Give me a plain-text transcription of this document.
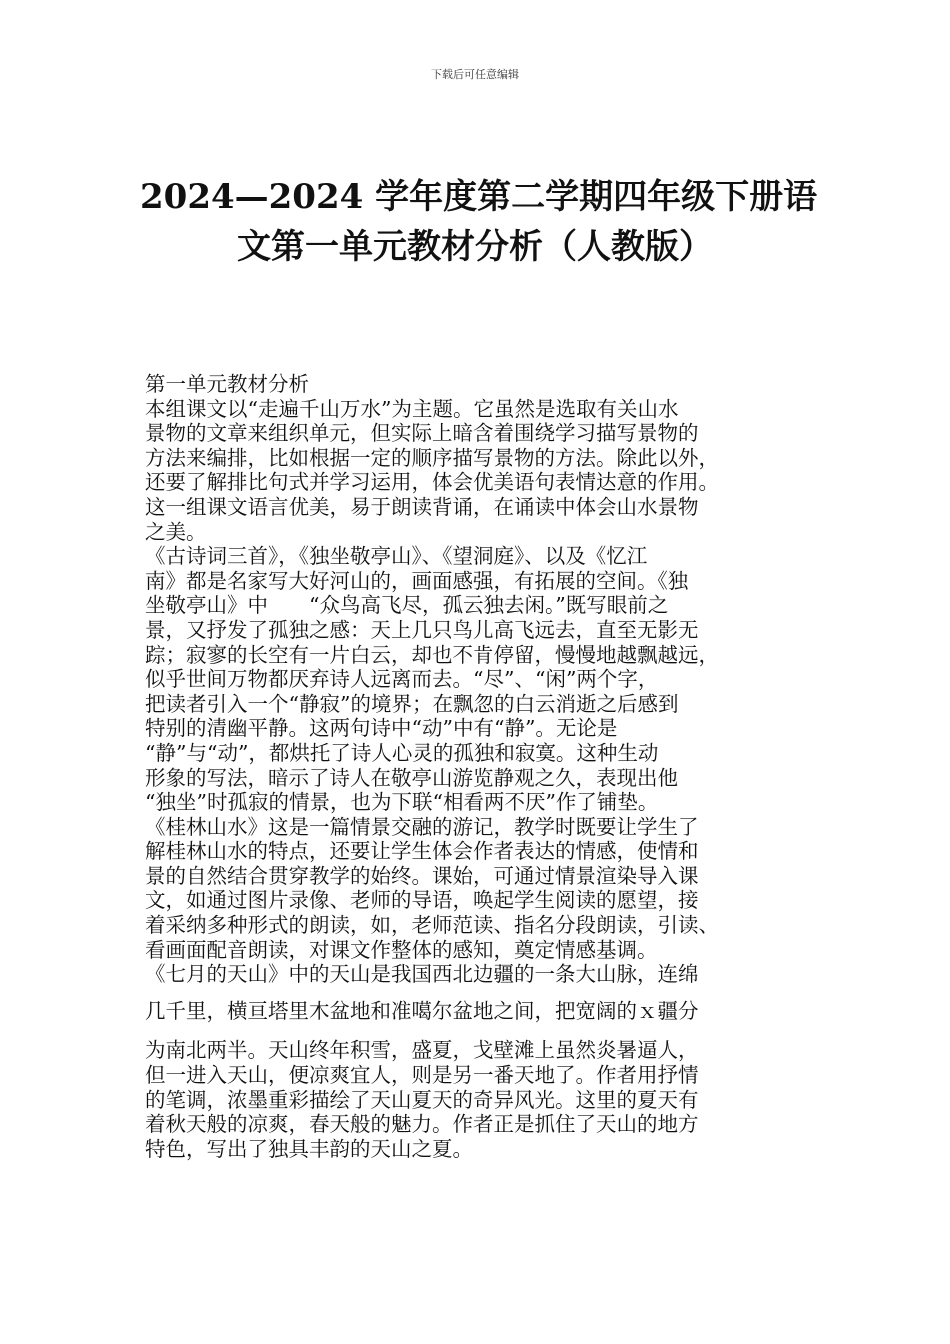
下载后可任意编辑
2024—2024 学年度第二学期四年级下册语
文第一单元教材分析（人教版）
第一单元教材分析
本组课文以“走遍千山万水”为主题。它虽然是选取有关山水
景物的文章来组织单元，但实际上暗含着围绕学习描写景物的
方法来编排，比如根据一定的顺序描写景物的方法。除此以外，
还要了解排比句式并学习运用，体会优美语句表情达意的作用。
这一组课文语言优美，易于朗读背诵，在诵读中体会山水景物
之美。
《古诗词三首》，《独坐敬亭山》、《望洞庭》、以及《忆江
南》都是名家写大好河山的，画面感强，有拓展的空间。《独
坐敬亭山》中　　“众鸟高飞尽，孤云独去闲。”既写眼前之
景，又抒发了孤独之感：天上几只鸟儿高飞远去，直至无影无
踪；寂寥的长空有一片白云，却也不肯停留，慢慢地越飘越远，
似乎世间万物都厌弃诗人远离而去。“尽”、“闲”两个字，
把读者引入一个“静寂”的境界；在飘忽的白云消逝之后感到
特别的清幽平静。这两句诗中“动”中有“静”。无论是
“静”与“动”，都烘托了诗人心灵的孤独和寂寞。这种生动
形象的写法，暗示了诗人在敬亭山游览静观之久，表现出他
“独坐”时孤寂的情景，也为下联“相看两不厌”作了铺垫。
《桂林山水》这是一篇情景交融的游记，教学时既要让学生了
解桂林山水的特点，还要让学生体会作者表达的情感，使情和
景的自然结合贯穿教学的始终。课始，可通过情景渲染导入课
文，如通过图片录像、老师的导语，唤起学生阅读的愿望，接
着采纳多种形式的朗读，如，老师范读、指名分段朗读，引读、
看画面配音朗读，对课文作整体的感知，奠定情感基调。
《七月的天山》中的天山是我国西北边疆的一条大山脉，连绵
几千里，横亘塔里木盆地和准噶尔盆地之间，把宽阔的ｘ疆分
为南北两半。天山终年积雪，盛夏，戈壁滩上虽然炎暑逼人，
但一进入天山，便凉爽宜人，则是另一番天地了。作者用抒情
的笔调，浓墨重彩描绘了天山夏天的奇异风光。这里的夏天有
着秋天般的凉爽，春天般的魅力。作者正是抓住了天山的地方
特色，写出了独具丰韵的天山之夏。
